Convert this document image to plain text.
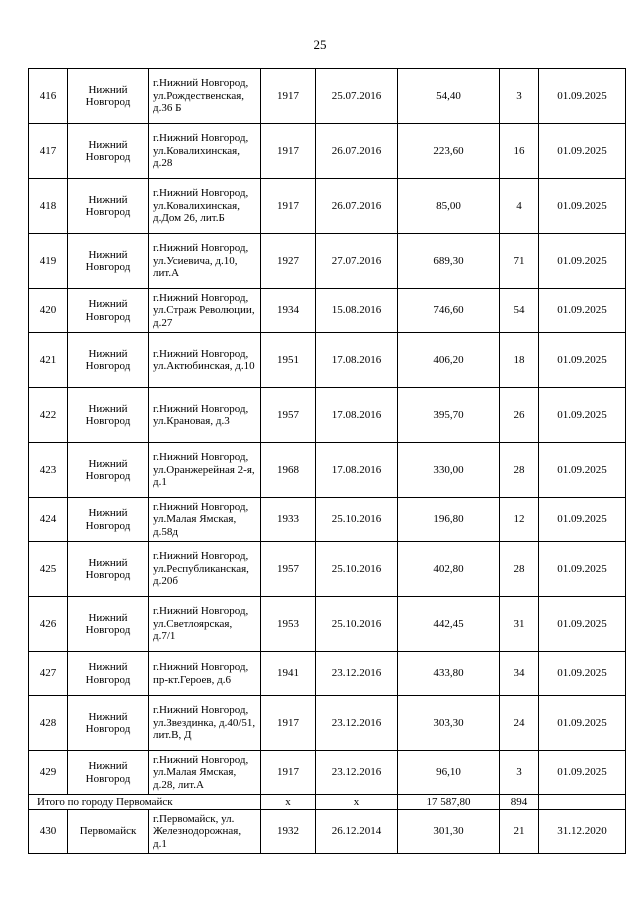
25
416	Нижний Новгород	г.Нижний Новгород, ул.Рождественская, д.36 Б	1917	25.07.2016	54,40	3	01.09.2025
417	Нижний Новгород	г.Нижний Новгород, ул.Ковалихинская, д.28	1917	26.07.2016	223,60	16	01.09.2025
418	Нижний Новгород	г.Нижний Новгород, ул.Ковалихинская, д.Дом 26, лит.Б	1917	26.07.2016	85,00	4	01.09.2025
419	Нижний Новгород	г.Нижний Новгород, ул.Усиевича, д.10, лит.А	1927	27.07.2016	689,30	71	01.09.2025
420	Нижний Новгород	г.Нижний Новгород, ул.Страж Революции, д.27	1934	15.08.2016	746,60	54	01.09.2025
421	Нижний Новгород	г.Нижний Новгород, ул.Актюбинская, д.10	1951	17.08.2016	406,20	18	01.09.2025
422	Нижний Новгород	г.Нижний Новгород, ул.Крановая, д.3	1957	17.08.2016	395,70	26	01.09.2025
423	Нижний Новгород	г.Нижний Новгород, ул.Оранжерейная 2-я, д.1	1968	17.08.2016	330,00	28	01.09.2025
424	Нижний Новгород	г.Нижний Новгород, ул.Малая Ямская, д.58д	1933	25.10.2016	196,80	12	01.09.2025
425	Нижний Новгород	г.Нижний Новгород, ул.Республиканская, д.20б	1957	25.10.2016	402,80	28	01.09.2025
426	Нижний Новгород	г.Нижний Новгород, ул.Светлоярская, д.7/1	1953	25.10.2016	442,45	31	01.09.2025
427	Нижний Новгород	г.Нижний Новгород, пр-кт.Героев, д.6	1941	23.12.2016	433,80	34	01.09.2025
428	Нижний Новгород	г.Нижний Новгород, ул.Звездинка, д.40/51, лит.В, Д	1917	23.12.2016	303,30	24	01.09.2025
429	Нижний Новгород	г.Нижний Новгород, ул.Малая Ямская, д.28, лит.А	1917	23.12.2016	96,10	3	01.09.2025
Итого по городу Первомайск			х	х	17 587,80	894	
430	Первомайск	г.Первомайск, ул. Железнодорожная, д.1	1932	26.12.2014	301,30	21	31.12.2020
